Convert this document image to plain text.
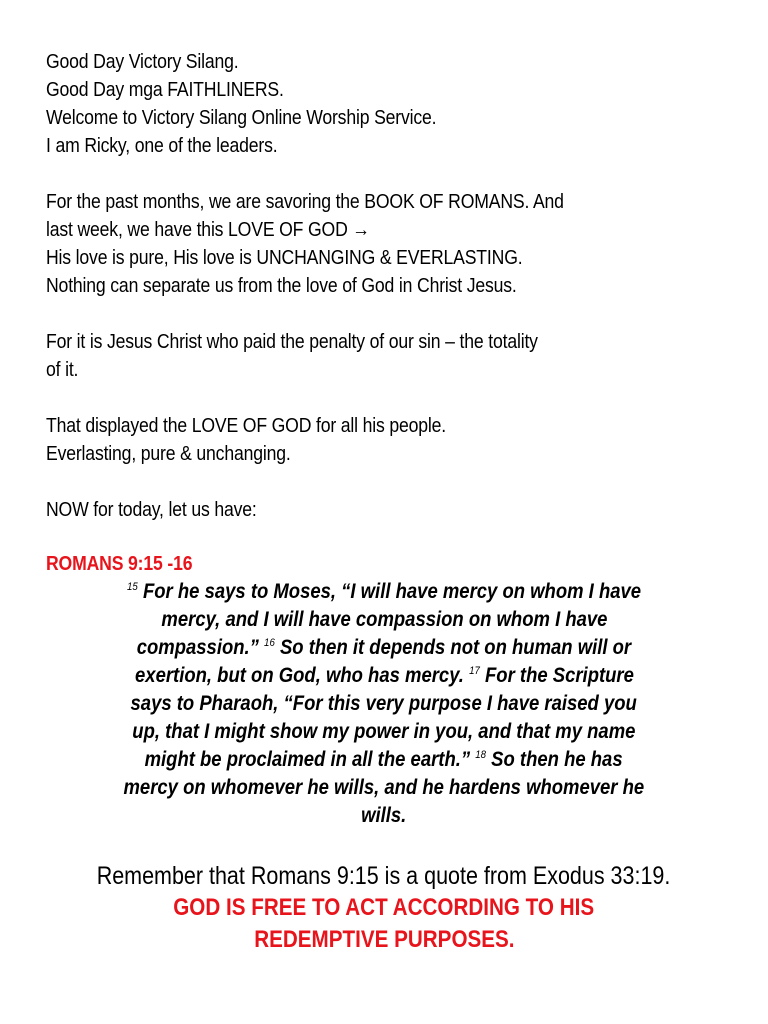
Good Day Victory Silang.
Good Day mga FAITHLINERS.
Welcome to Victory Silang Online Worship Service.
I am Ricky, one of the leaders.
For the past months, we are savoring the BOOK OF ROMANS. And
last week, we have this LOVE OF GOD →
His love is pure, His love is UNCHANGING & EVERLASTING.
Nothing can separate us from the love of God in Christ Jesus.
For it is Jesus Christ who paid the penalty of our sin – the totality
of it.
That displayed the LOVE OF GOD for all his people.
Everlasting, pure & unchanging.
NOW for today, let us have:
ROMANS 9:15 -16
$^{15}$ For he says to Moses, “I will have mercy on whom I have
mercy, and I will have compassion on whom I have
compassion.” $^{16}$ So then it depends not on human will or
exertion, but on God, who has mercy. $^{17}$ For the Scripture
says to Pharaoh, “For this very purpose I have raised you
up, that I might show my power in you, and that my name
might be proclaimed in all the earth.” $^{18}$ So then he has
mercy on whomever he wills, and he hardens whomever he
wills.
Remember that Romans 9:15 is a quote from Exodus 33:19.
GOD IS FREE TO ACT ACCORDING TO HIS
REDEMPTIVE PURPOSES.
